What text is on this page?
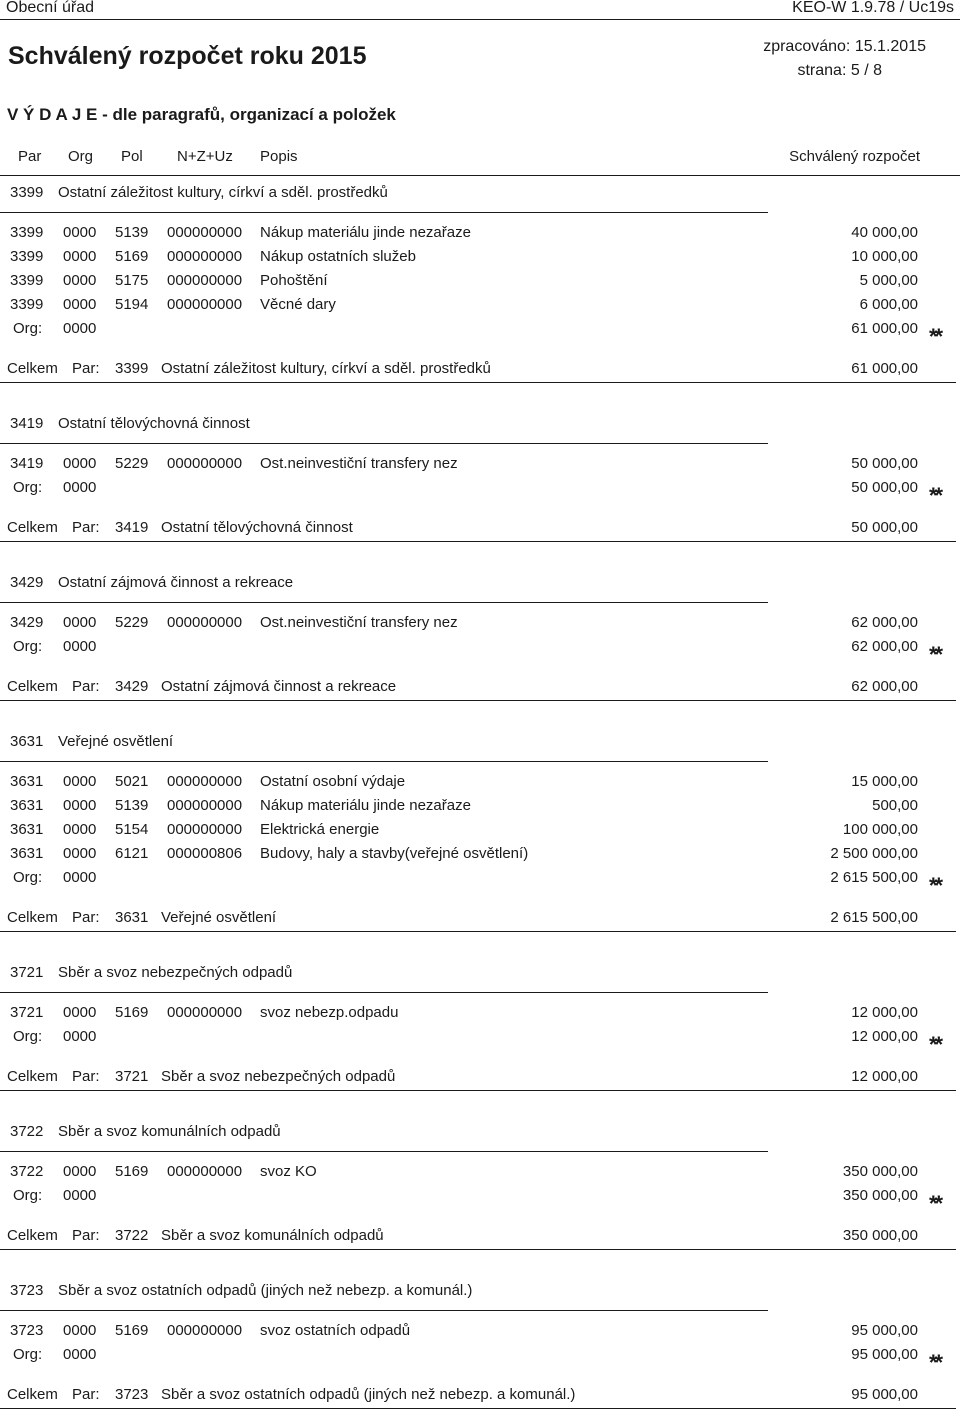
Obecní úřad	KEO-W 1.9.78 / Uc19s
Schválený rozpočet roku 2015	zpracováno: 15.1.2015
strana: 5 / 8
V Ý D A J E - dle paragrafů, organizací a položek
Par Org Pol N+Z+Uz Popis	Schválený rozpočet
3399 Ostatní záležitost kultury, církví a sděl. prostředků
3399 0000 5139 000000000 Nákup materiálu jinde nezařaze	40 000,00
3399 0000 5169 000000000 Nákup ostatních služeb	10 000,00
3399 0000 5175 000000000 Pohoštění	5 000,00
3399 0000 5194 000000000 Věcné dary	6 000,00
Org: 0000	61 000,00 **
Celkem Par: 3399 Ostatní záležitost kultury, církví a sděl. prostředků	61 000,00
3419 Ostatní tělovýchovná činnost
3419 0000 5229 000000000 Ost.neinvestiční transfery nez	50 000,00
Org: 0000	50 000,00 **
Celkem Par: 3419 Ostatní tělovýchovná činnost	50 000,00
3429 Ostatní zájmová činnost a rekreace
3429 0000 5229 000000000 Ost.neinvestiční transfery nez	62 000,00
Org: 0000	62 000,00 **
Celkem Par: 3429 Ostatní zájmová činnost a rekreace	62 000,00
3631 Veřejné osvětlení
3631 0000 5021 000000000 Ostatní osobní výdaje	15 000,00
3631 0000 5139 000000000 Nákup materiálu jinde nezařaze	500,00
3631 0000 5154 000000000 Elektrická energie	100 000,00
3631 0000 6121 000000806 Budovy, haly a stavby(veřejné osvětlení)	2 500 000,00
Org: 0000	2 615 500,00 **
Celkem Par: 3631 Veřejné osvětlení	2 615 500,00
3721 Sběr a svoz nebezpečných odpadů
3721 0000 5169 000000000 svoz nebezp.odpadu	12 000,00
Org: 0000	12 000,00 **
Celkem Par: 3721 Sběr a svoz nebezpečných odpadů	12 000,00
3722 Sběr a svoz komunálních odpadů
3722 0000 5169 000000000 svoz KO	350 000,00
Org: 0000	350 000,00 **
Celkem Par: 3722 Sběr a svoz komunálních odpadů	350 000,00
3723 Sběr a svoz ostatních odpadů (jiných než nebezp. a komunál.)
3723 0000 5169 000000000 svoz ostatních odpadů	95 000,00
Org: 0000	95 000,00 **
Celkem Par: 3723 Sběr a svoz ostatních odpadů (jiných než nebezp. a komunál.)	95 000,00
